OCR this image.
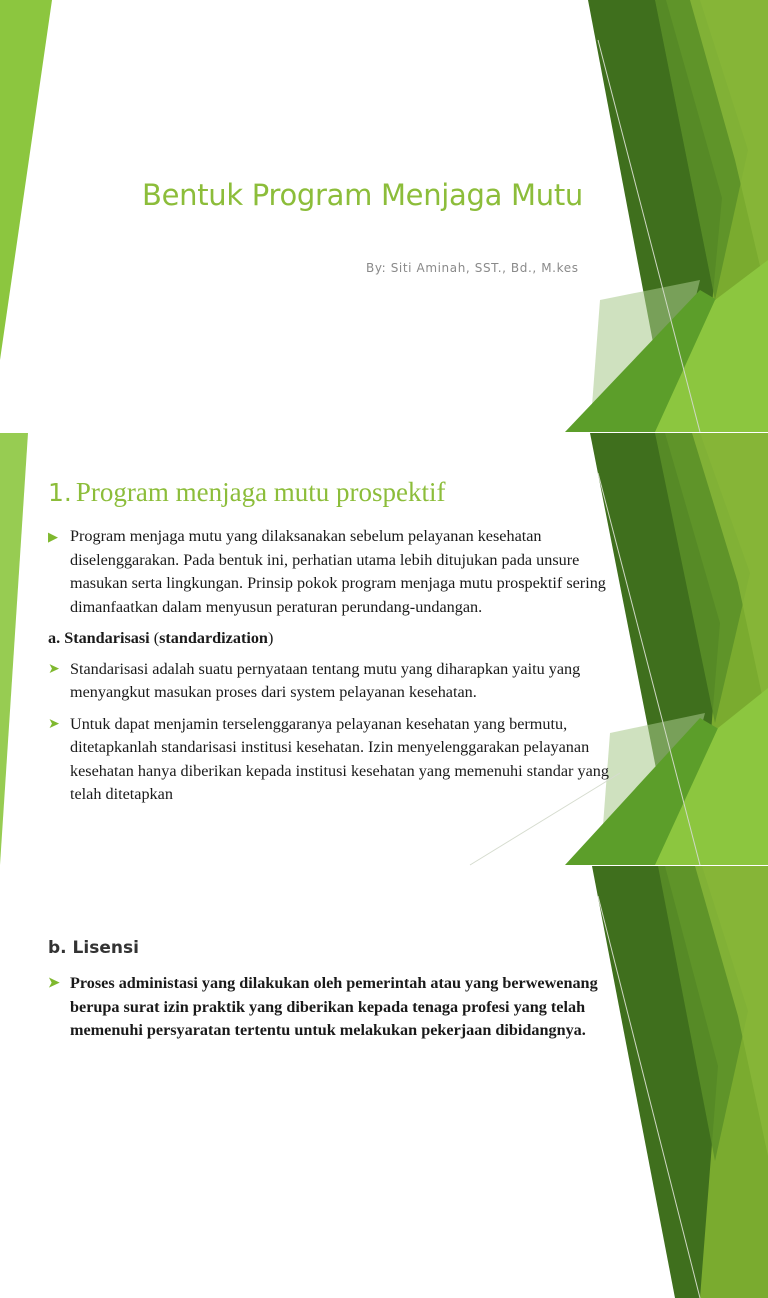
Bentuk Program Menjaga Mutu
By: Siti Aminah, SST., Bd., M.kes
1. Program menjaga mutu prospektif
▶ Program menjaga mutu yang dilaksanakan sebelum pelayanan kesehatan diselenggarakan. Pada bentuk ini, perhatian utama lebih ditujukan pada unsure masukan serta lingkungan. Prinsip pokok program menjaga mutu prospektif sering dimanfaatkan dalam menyusun peraturan perundang-undangan.
a. Standarisasi (standardization)
➤ Standarisasi adalah suatu pernyataan tentang mutu yang diharapkan yaitu yang menyangkut masukan proses dari system pelayanan kesehatan.
➤ Untuk dapat menjamin terselenggaranya pelayanan kesehatan yang bermutu, ditetapkanlah standarisasi institusi kesehatan. Izin menyelenggarakan pelayanan kesehatan hanya diberikan kepada institusi kesehatan yang memenuhi standar yang telah ditetapkan
b. Lisensi
➤ Proses administasi yang dilakukan oleh pemerintah atau yang berwewenang berupa surat izin praktik yang diberikan kepada tenaga profesi yang telah memenuhi persyaratan tertentu untuk melakukan pekerjaan dibidangnya.
